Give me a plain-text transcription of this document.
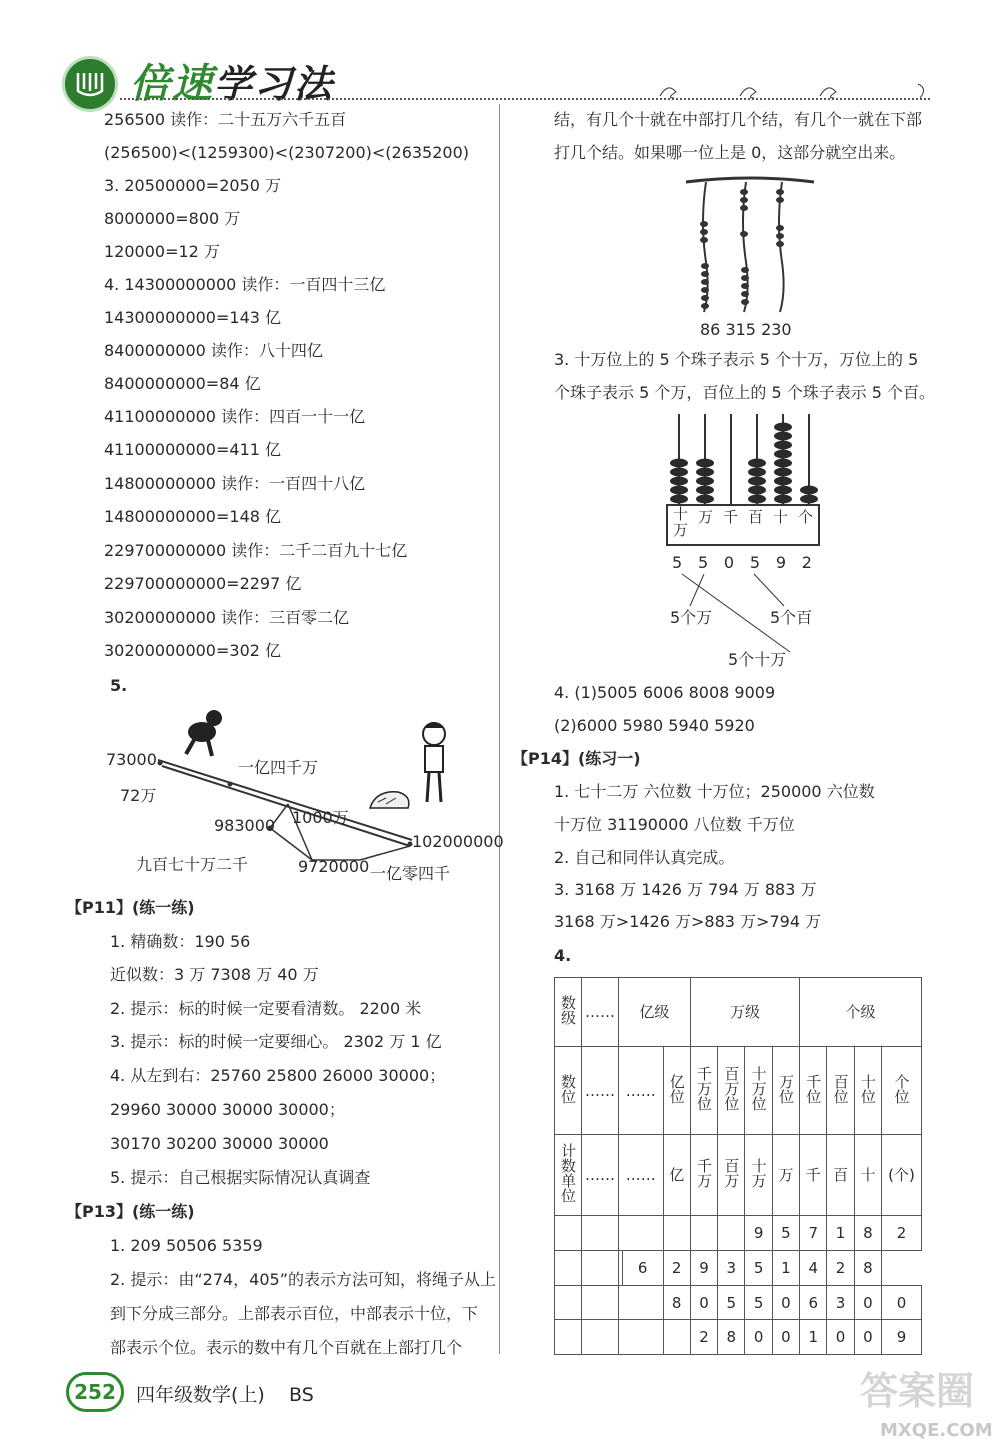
倍速学习法
256500 读作：二十五万六千五百
(256500)<(1259300)<(2307200)<(2635200)
3. 20500000=2050 万
8000000=800 万
120000=12 万
4. 14300000000 读作：一百四十三亿
14300000000=143 亿
8400000000 读作：八十四亿
8400000000=84 亿
41100000000 读作：四百一十一亿
41100000000=411 亿
14800000000 读作：一百四十八亿
14800000000=148 亿
229700000000 读作：二千二百九十七亿
229700000000=2297 亿
30200000000 读作：三百零二亿
30200000000=302 亿
5.
73000	一亿四千万
72万
1000万
983000
102000000
九百七十万二千	9720000 一亿零四千
【P11】(练一练)
1. 精确数：190 56
近似数：3 万 7308 万 40 万
2. 提示：标的时候一定要看清数。 2200 米
3. 提示：标的时候一定要细心。 2302 万 1 亿
4. 从左到右：25760 25800 26000 30000；
29960 30000 30000 30000；
30170 30200 30000 30000
5. 提示：自己根据实际情况认真调查
【P13】(练一练)
1. 209 50506 5359
2. 提示：由“274，405”的表示方法可知，将绳子从上
到下分成三部分。上部表示百位，中部表示十位，下
部表示个位。表示的数中有几个百就在上部打几个
结，有几个十就在中部打几个结，有几个一就在下部
打几个结。如果哪一位上是 0，这部分就空出来。
86 315 230
3. 十万位上的 5 个珠子表示 5 个十万，万位上的 5
个珠子表示 5 个万，百位上的 5 个珠子表示 5 个百。
十万
万 千 百 十 个
5 5 0 5 9 2
5个万	5个百
5个十万
4. (1)5005 6006 8008 9009
(2)6000 5980 5940 5920
【P14】(练习一)
1. 七十二万 六位数 十万位；250000 六位数
十万位 31190000 八位数 千万位
2. 自己和同伴认真完成。
3. 3168 万 1426 万 794 万 883 万
3168 万>1426 万>883 万>794 万
4.
数级	……	亿级			万级				个级			
数位	……	……		亿位	千万位	百万位	十万位	万位	千位	百位	十位	个位
计数单位	……	……		亿	千万	百万	十万	万	千	百	十	(个)
							9	5	7	1	8	2
			6	2	9	3	5	1	4	2	8
				8	0	5	5	0	6	3	0	0
					2	8	0	0	1	0	0	9
252	四年级数学(上) BS	答案圈
MXQE.COM
